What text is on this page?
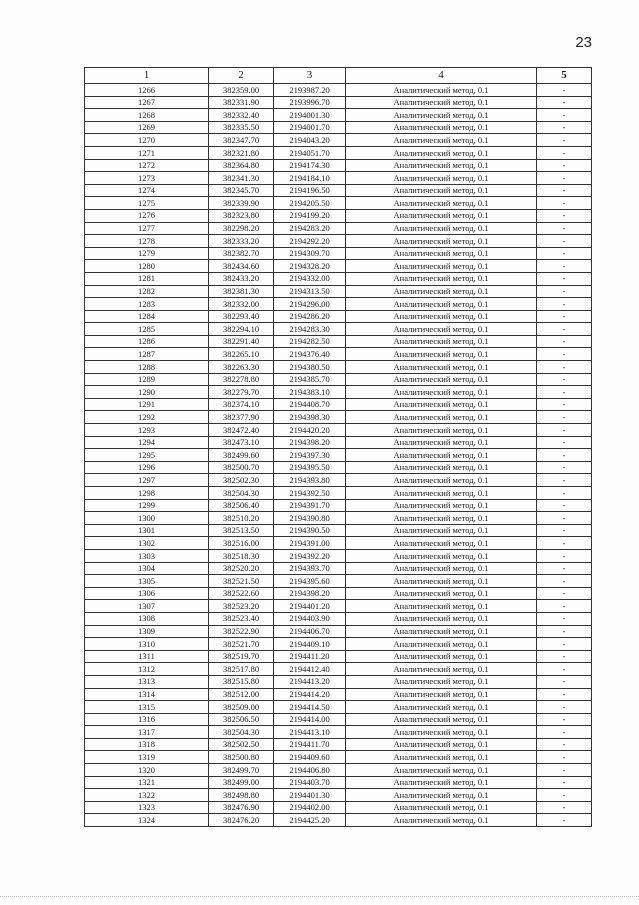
23
1	2	3	4	5
1266	382359.00	2193987.20	Аналитический метод, 0.1	-
1267	382331.90	2193996.70	Аналитический метод, 0.1	-
1268	382332.40	2194001.30	Аналитический метод, 0.1	-
1269	382335.50	2194001.70	Аналитический метод, 0.1	-
1270	382347.70	2194043.20	Аналитический метод, 0.1	-
1271	382321.80	2194051.70	Аналитический метод, 0.1	-
1272	382364.80	2194174.30	Аналитический метод, 0.1	-
1273	382341.30	2194184.10	Аналитический метод, 0.1	-
1274	382345.70	2194196.50	Аналитический метод, 0.1	-
1275	382339.90	2194205.50	Аналитический метод, 0.1	-
1276	382323.80	2194199.20	Аналитический метод, 0.1	-
1277	382298.20	2194283.20	Аналитический метод, 0.1	-
1278	382333.20	2194292.20	Аналитический метод, 0.1	-
1279	382382.70	2194309.70	Аналитический метод, 0.1	-
1280	382434.60	2194328.20	Аналитический метод, 0.1	-
1281	382433.20	2194332.00	Аналитический метод, 0.1	-
1282	382381.30	2194313.50	Аналитический метод, 0.1	-
1283	382332.00	2194296.00	Аналитический метод, 0.1	-
1284	382293.40	2194286.20	Аналитический метод, 0.1	-
1285	382294.10	2194283.30	Аналитический метод, 0.1	-
1286	382291.40	2194282.50	Аналитический метод, 0.1	-
1287	382265.10	2194376.40	Аналитический метод, 0.1	-
1288	382263.30	2194380.50	Аналитический метод, 0.1	-
1289	382278.80	2194385.70	Аналитический метод, 0.1	-
1290	382279.70	2194383.10	Аналитический метод, 0.1	-
1291	382374.10	2194408.70	Аналитический метод, 0.1	-
1292	382377.90	2194398.30	Аналитический метод, 0.1	-
1293	382472.40	2194420.20	Аналитический метод, 0.1	-
1294	382473.10	2194398.20	Аналитический метод, 0.1	-
1295	382499.60	2194397.30	Аналитический метод, 0.1	-
1296	382500.70	2194395.50	Аналитический метод, 0.1	-
1297	382502.30	2194393.80	Аналитический метод, 0.1	-
1298	382504.30	2194392.50	Аналитический метод, 0.1	-
1299	382506.40	2194391.70	Аналитический метод, 0.1	-
1300	382510.20	2194390.80	Аналитический метод, 0.1	-
1301	382513.50	2194390.50	Аналитический метод, 0.1	-
1302	382516.00	2194391.00	Аналитический метод, 0.1	-
1303	382518.30	2194392.20	Аналитический метод, 0.1	-
1304	382520.20	2194393.70	Аналитический метод, 0.1	-
1305	382521.50	2194395.60	Аналитический метод, 0.1	-
1306	382522.60	2194398.20	Аналитический метод, 0.1	-
1307	382523.20	2194401.20	Аналитический метод, 0.1	-
1308	382523.40	2194403.90	Аналитический метод, 0.1	-
1309	382522.90	2194406.70	Аналитический метод, 0.1	-
1310	382521.70	2194409.10	Аналитический метод, 0.1	-
1311	382519.70	2194411.20	Аналитический метод, 0.1	-
1312	382517.80	2194412.40	Аналитический метод, 0.1	-
1313	382515.80	2194413.20	Аналитический метод, 0.1	-
1314	382512.00	2194414.20	Аналитический метод, 0.1	-
1315	382509.00	2194414.50	Аналитический метод, 0.1	-
1316	382506.50	2194414.00	Аналитический метод, 0.1	-
1317	382504.30	2194413.10	Аналитический метод, 0.1	-
1318	382502.50	2194411.70	Аналитический метод, 0.1	-
1319	382500.80	2194409.60	Аналитический метод, 0.1	-
1320	382499.70	2194406.80	Аналитический метод, 0.1	-
1321	382499.00	2194403.70	Аналитический метод, 0.1	-
1322	382498.80	2194401.30	Аналитический метод, 0.1	-
1323	382476.90	2194402.00	Аналитический метод, 0.1	-
1324	382476.20	2194425.20	Аналитический метод, 0.1	-
